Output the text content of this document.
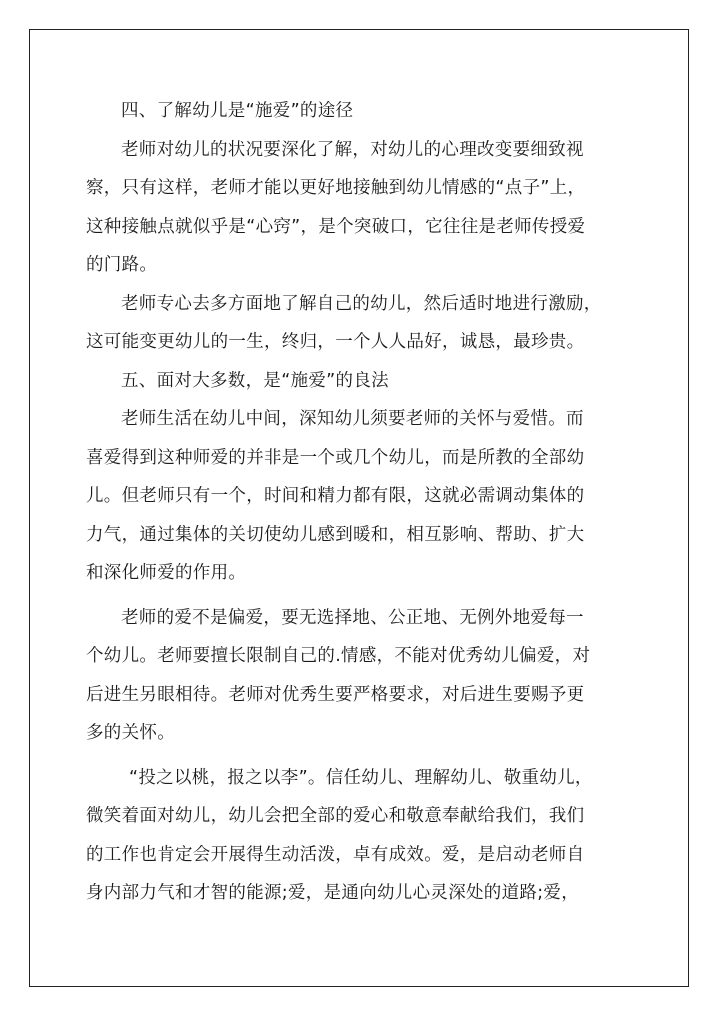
四、了解幼儿是“施爱”的途径
老师对幼儿的状况要深化了解，对幼儿的心理改变要细致视
察，只有这样，老师才能以更好地接触到幼儿情感的“点子”上，
这种接触点就似乎是“心窍”，是个突破口，它往往是老师传授爱
的门路。
老师专心去多方面地了解自己的幼儿，然后适时地进行激励，
这可能变更幼儿的一生，终归，一个人人品好，诚恳，最珍贵。
五、面对大多数，是“施爱”的良法
老师生活在幼儿中间，深知幼儿须要老师的关怀与爱惜。而
喜爱得到这种师爱的并非是一个或几个幼儿，而是所教的全部幼
儿。但老师只有一个，时间和精力都有限，这就必需调动集体的
力气，通过集体的关切使幼儿感到暖和，相互影响、帮助、扩大
和深化师爱的作用。
老师的爱不是偏爱，要无选择地、公正地、无例外地爱每一
个幼儿。老师要擅长限制自己的.情感，不能对优秀幼儿偏爱，对
后进生另眼相待。老师对优秀生要严格要求，对后进生要赐予更
多的关怀。
“投之以桃，报之以李”。信任幼儿、理解幼儿、敬重幼儿，
微笑着面对幼儿，幼儿会把全部的爱心和敬意奉献给我们，我们
的工作也肯定会开展得生动活泼，卓有成效。爱，是启动老师自
身内部力气和才智的能源;爱，是通向幼儿心灵深处的道路;爱，
